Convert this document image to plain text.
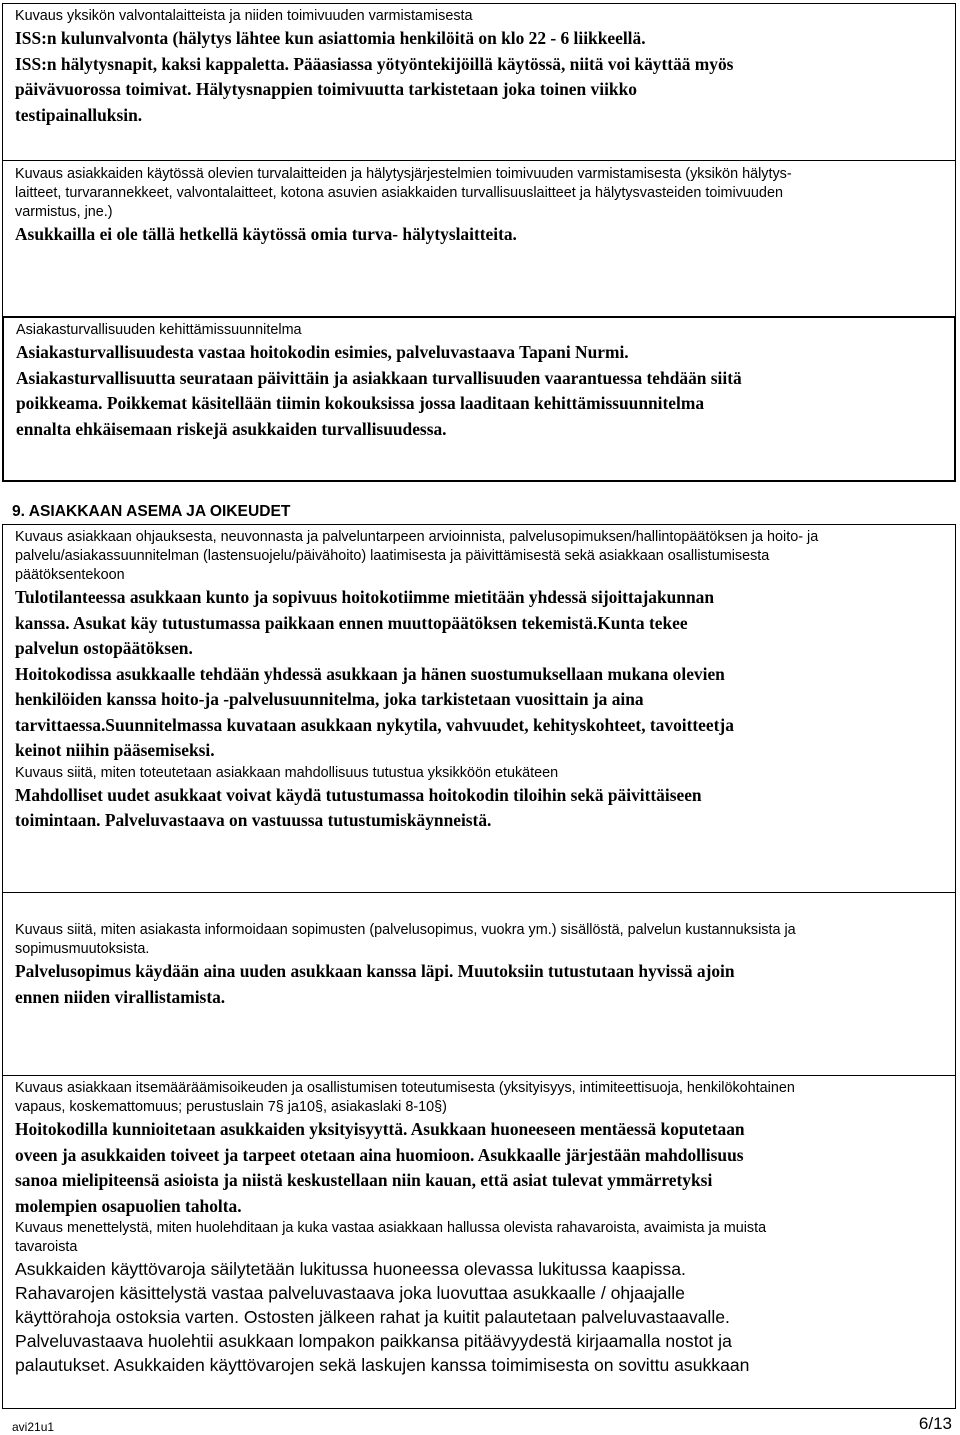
Kuvaus yksikön valvontalaitteista ja niiden toimivuuden varmistamisesta

ISS:n kulunvalvonta (hälytys lähtee kun asiattomia henkilöitä on klo 22 - 6 liikkeellä.

ISS:n hälytysnapit, kaksi kappaletta. Pääasiassa yötyöntekijöillä käytössä, niitä voi käyttää myös

päivävuorossa toimivat. Hälytysnappien toimivuutta tarkistetaan joka toinen viikko

testipainalluksin.

Kuvaus asiakkaiden käytössä olevien turvalaitteiden ja hälytysjärjestelmien toimivuuden varmistamisesta (yksikön hälytys-

laitteet, turvarannekkeet, valvontalaitteet, kotona asuvien asiakkaiden turvallisuuslaitteet ja hälytysvasteiden toimivuuden

varmistus, jne.)

Asukkailla ei ole tällä hetkellä käytössä omia turva- hälytyslaitteita.

Asiakasturvallisuuden kehittämissuunnitelma

Asiakasturvallisuudesta vastaa hoitokodin esimies, palveluvastaava Tapani Nurmi.

Asiakasturvallisuutta seurataan päivittäin ja asiakkaan turvallisuuden vaarantuessa tehdään siitä

poikkeama. Poikkemat käsitellään tiimin kokouksissa jossa laaditaan kehittämissuunnitelma

ennalta ehkäisemaan riskejä asukkaiden turvallisuudessa.

9. ASIAKKAAN ASEMA JA OIKEUDET

Kuvaus asiakkaan ohjauksesta, neuvonnasta ja palveluntarpeen arvioinnista, palvelusopimuksen/hallintopäätöksen ja hoito- ja

palvelu/asiakassuunnitelman (lastensuojelu/päivähoito) laatimisesta ja päivittämisestä sekä asiakkaan osallistumisesta

päätöksentekoon

Tulotilanteessa asukkaan kunto ja sopivuus hoitokotiimme mietitään yhdessä sijoittajakunnan

kanssa. Asukat käy tutustumassa paikkaan ennen muuttopäätöksen tekemistä.Kunta tekee

palvelun ostopäätöksen.

Hoitokodissa asukkaalle tehdään yhdessä asukkaan ja hänen suostumuksellaan mukana olevien

henkilöiden kanssa hoito-ja -palvelusuunnitelma, joka tarkistetaan vuosittain ja aina

tarvittaessa.Suunnitelmassa kuvataan asukkaan nykytila, vahvuudet, kehityskohteet, tavoitteetja

keinot niihin pääsemiseksi.

Kuvaus siitä, miten toteutetaan asiakkaan mahdollisuus tutustua yksikköön etukäteen

Mahdolliset uudet asukkaat voivat käydä tutustumassa hoitokodin tiloihin sekä päivittäiseen

toimintaan. Palveluvastaava on vastuussa tutustumiskäynneistä.

Kuvaus siitä, miten asiakasta informoidaan sopimusten (palvelusopimus, vuokra ym.) sisällöstä, palvelun kustannuksista ja

sopimusmuutoksista.

Palvelusopimus käydään aina uuden asukkaan kanssa läpi. Muutoksiin tutustutaan hyvissä ajoin

ennen niiden virallistamista.

Kuvaus asiakkaan itsemääräämisoikeuden ja osallistumisen toteutumisesta (yksityisyys, intimiteettisuoja, henkilökohtainen

vapaus, koskemattomuus; perustuslain 7§ ja10§, asiakaslaki 8-10§)

Hoitokodilla kunnioitetaan asukkaiden yksityisyyttä. Asukkaan huoneeseen mentäessä koputetaan

oveen ja asukkaiden toiveet ja tarpeet otetaan aina huomioon. Asukkaalle järjestään mahdollisuus

sanoa mielipiteensä asioista ja niistä keskustellaan niin kauan, että asiat tulevat ymmärretyksi

molempien osapuolien taholta.

Kuvaus menettelystä, miten huolehditaan ja kuka vastaa asiakkaan hallussa olevista rahavaroista, avaimista ja muista

tavaroista

Asukkaiden käyttövaroja säilytetään lukitussa huoneessa olevassa lukitussa kaapissa.

Rahavarojen käsittelystä vastaa palveluvastaava joka luovuttaa asukkaalle / ohjaajalle

käyttörahoja ostoksia varten. Ostosten jälkeen rahat ja kuitit palautetaan palveluvastaavalle.

Palveluvastaava huolehtii asukkaan lompakon paikkansa pitäävyydestä kirjaamalla nostot ja

palautukset. Asukkaiden käyttövarojen sekä laskujen kanssa toimimisesta on sovittu asukkaan

avi21u1	6/13
